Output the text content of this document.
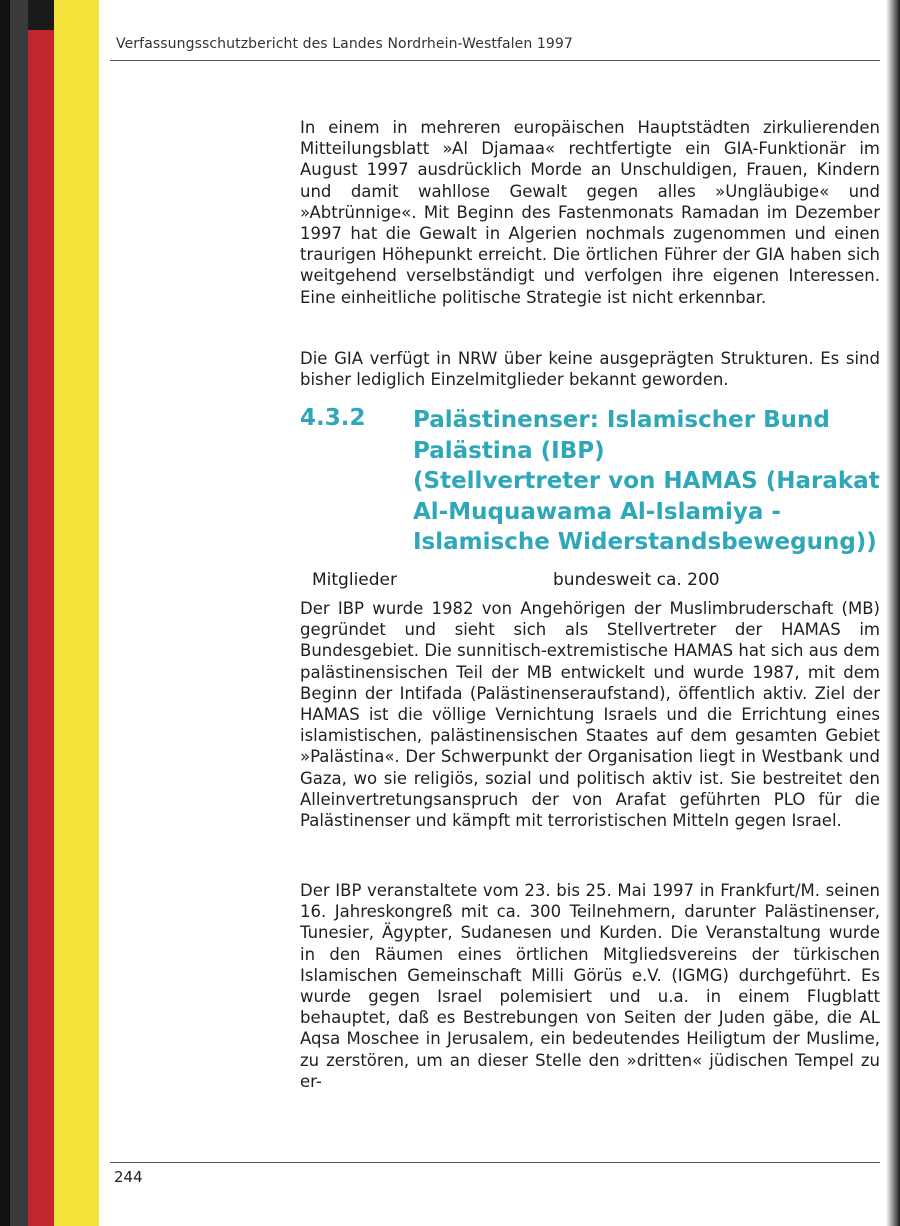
Verfassungsschutzbericht des Landes Nordrhein-Westfalen 1997

In einem in mehreren europäischen Hauptstädten zirkulierenden Mitteilungsblatt »Al Djamaa« rechtfertigte ein GIA-Funktionär im August 1997 ausdrücklich Morde an Unschuldigen, Frauen, Kindern und damit wahllose Gewalt gegen alles »Ungläubige« und »Abtrünnige«. Mit Beginn des Fastenmonats Ramadan im Dezember 1997 hat die Gewalt in Algerien nochmals zugenommen und einen traurigen Höhepunkt erreicht. Die örtlichen Führer der GIA haben sich weitgehend verselbständigt und verfolgen ihre eigenen Interessen. Eine einheitliche politische Strategie ist nicht erkennbar.

Die GIA verfügt in NRW über keine ausgeprägten Strukturen. Es sind bisher lediglich Einzelmitglieder bekannt geworden.

4.3.2 Palästinenser: Islamischer Bund
Palästina (IBP)
(Stellvertreter von HAMAS (Harakat
Al-Muquawama Al-Islamiya -
Islamische Widerstandsbewegung))
Mitglieder	bundesweit ca. 200

Der IBP wurde 1982 von Angehörigen der Muslimbruderschaft (MB) gegründet und sieht sich als Stellvertreter der HAMAS im Bundesgebiet. Die sunnitisch-extremistische HAMAS hat sich aus dem palästinensischen Teil der MB entwickelt und wurde 1987, mit dem Beginn der Intifada (Palästinenseraufstand), öffentlich aktiv. Ziel der HAMAS ist die völlige Vernichtung Israels und die Errichtung eines islamistischen, palästinensischen Staates auf dem gesamten Gebiet »Palästina«. Der Schwerpunkt der Organisation liegt in Westbank und Gaza, wo sie religiös, sozial und politisch aktiv ist. Sie bestreitet den Alleinvertretungsanspruch der von Arafat geführten PLO für die Palästinenser und kämpft mit terroristischen Mitteln gegen Israel.

Der IBP veranstaltete vom 23. bis 25. Mai 1997 in Frankfurt/M. seinen 16. Jahreskongreß mit ca. 300 Teilnehmern, darunter Palästinenser, Tunesier, Ägypter, Sudanesen und Kurden. Die Veranstaltung wurde in den Räumen eines örtlichen Mitgliedsvereins der türkischen Islamischen Gemeinschaft Milli Görüs e.V. (IGMG) durchgeführt. Es wurde gegen Israel polemisiert und u.a. in einem Flugblatt behauptet, daß es Bestrebungen von Seiten der Juden gäbe, die AL Aqsa Moschee in Jerusalem, ein bedeutendes Heiligtum der Muslime, zu zerstören, um an dieser Stelle den »dritten« jüdischen Tempel zu er-

244
